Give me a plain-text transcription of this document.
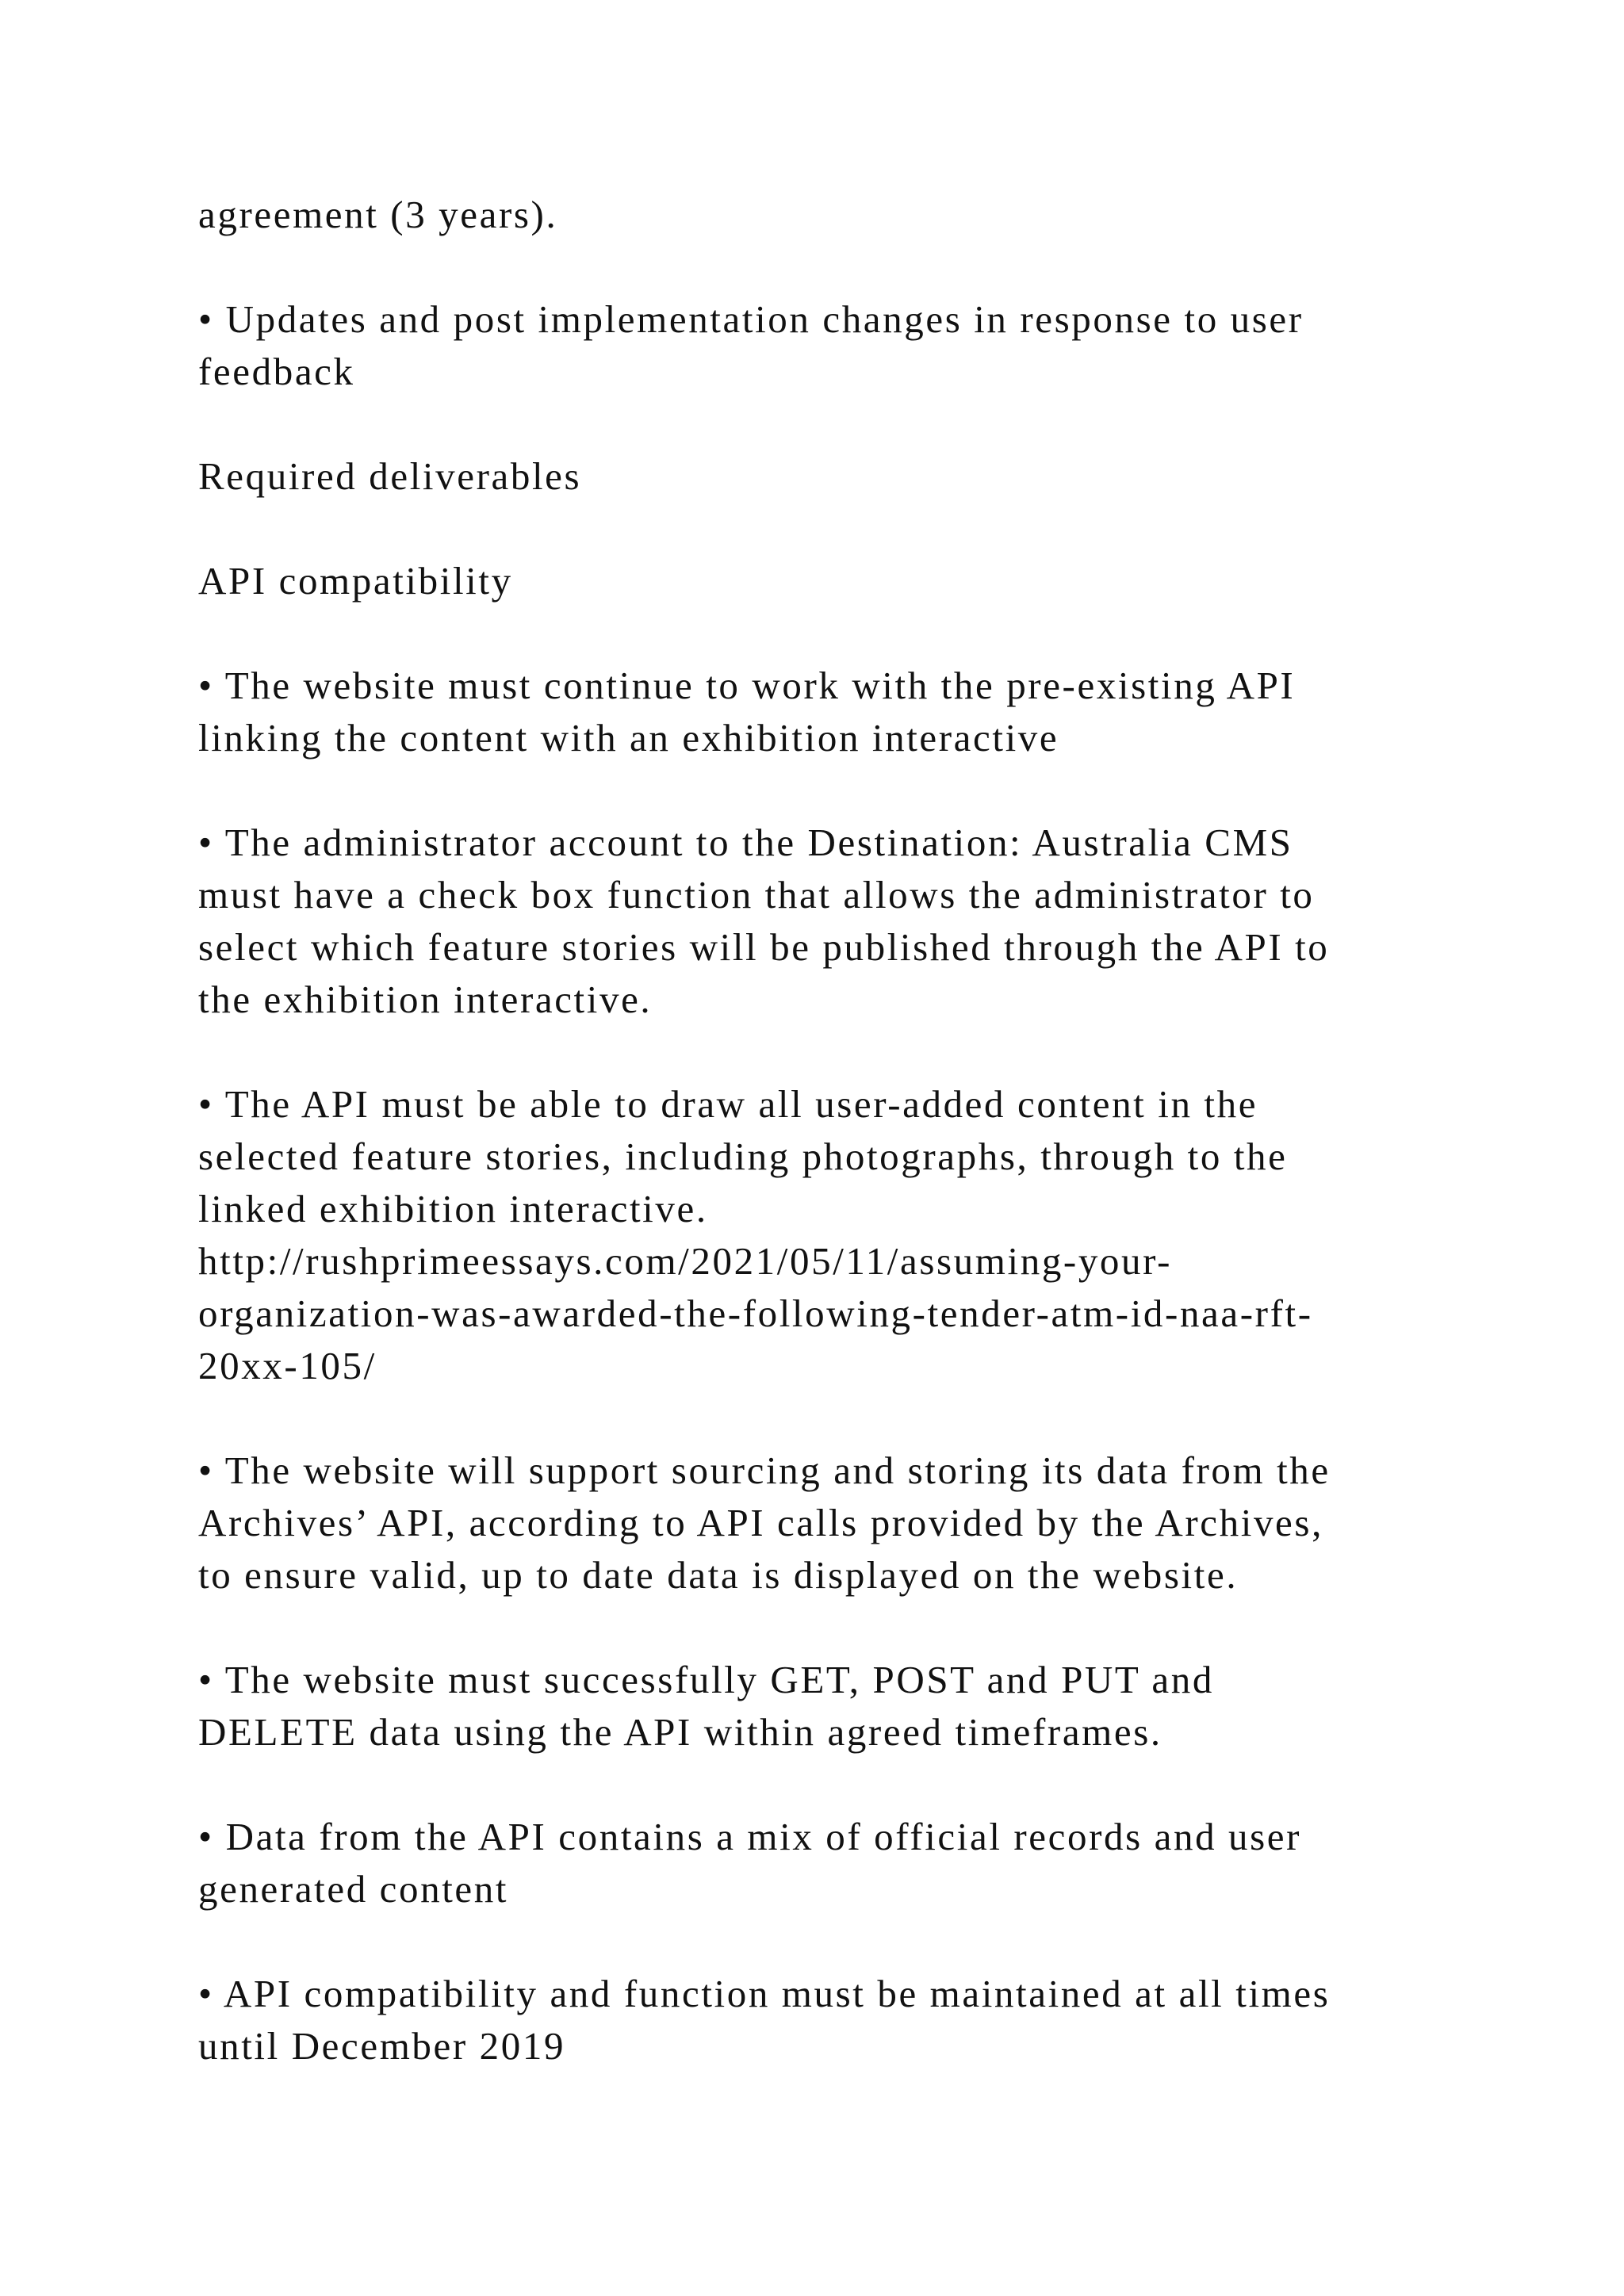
agreement (3 years).

• Updates and post implementation changes in response to user
feedback

Required deliverables

API compatibility

• The website must continue to work with the pre-existing API
linking the content with an exhibition interactive

• The administrator account to the Destination: Australia CMS
must have a check box function that allows the administrator to
select which feature stories will be published through the API to
the exhibition interactive.

• The API must be able to draw all user-added content in the
selected feature stories, including photographs, through to the
linked exhibition interactive.
http://rushprimeessays.com/2021/05/11/assuming-your-
organization-was-awarded-the-following-tender-atm-id-naa-rft-
20xx-105/

• The website will support sourcing and storing its data from the
Archives’ API, according to API calls provided by the Archives,
to ensure valid, up to date data is displayed on the website.

• The website must successfully GET, POST and PUT and
DELETE data using the API within agreed timeframes.

• Data from the API contains a mix of official records and user
generated content

• API compatibility and function must be maintained at all times
until December 2019
